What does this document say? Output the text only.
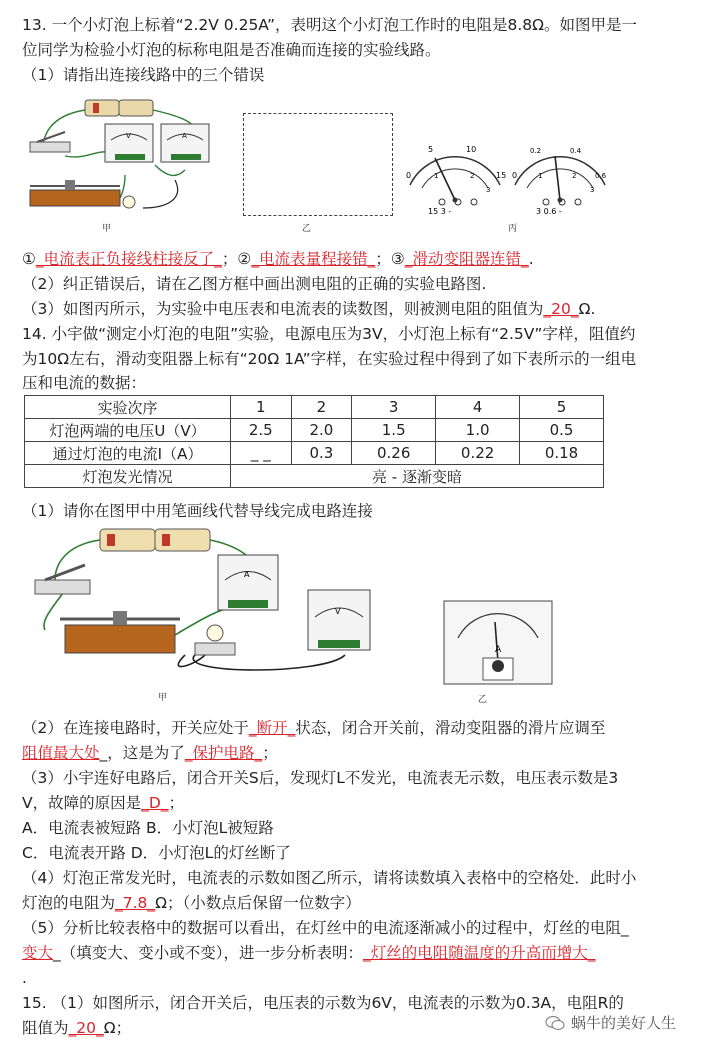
13. 一个小灯泡上标着“2.2V 0.25A”，表明这个小灯泡工作时的电阻是8.8Ω。如图甲是一
位同学为检验小灯泡的标称电阻是否准确而连接的实验线路。
（1）请指出连接线路中的三个错误
V	A
甲	乙
0
5	10
15
1	2
3
15 3 -
0
0.2	0.4
0.6
1	2
3
3 0.6 -
丙
①_电流表正负接线柱接反了_；②_电流表量程接错_；③_滑动变阻器连错_.
（2）纠正错误后，请在乙图方框中画出测电阻的正确的实验电路图.
（3）如图丙所示，为实验中电压表和电流表的读数图，则被测电阻的阻值为_20_Ω.
14. 小宇做“测定小灯泡的电阻”实验，电源电压为3V，小灯泡上标有“2.5V”字样，阻值约
为10Ω左右，滑动变阻器上标有“20Ω 1A”字样，在实验过程中得到了如下表所示的一组电
压和电流的数据：
实验次序	1	2	3	4	5
灯泡两端的电压U（V）	2.5	2.0	1.5	1.0	0.5
通过灯泡的电流I（A）	_ _	0.3	0.26	0.22	0.18
灯泡发光情况	亮 - 逐渐变暗				
（1）请你在图甲中用笔画线代替导线完成电路连接
A
V
甲
A
乙
（2）在连接电路时，开关应处于_断开_状态，闭合开关前，滑动变阻器的滑片应调至
阻值最大处_，这是为了_保护电路_；
（3）小宇连好电路后，闭合开关S后，发现灯L不发光，电流表无示数，电压表示数是3
V，故障的原因是_D_；
A．电流表被短路 B．小灯泡L被短路
C．电流表开路 D．小灯泡L的灯丝断了
（4）灯泡正常发光时，电流表的示数如图乙所示，请将读数填入表格中的空格处．此时小
灯泡的电阻为_7.8_Ω；（小数点后保留一位数字）
（5）分析比较表格中的数据可以看出，在灯丝中的电流逐渐减小的过程中，灯丝的电阻_
变大_（填变大、变小或不变），进一步分析表明：_灯丝的电阻随温度的升高而增大_
.
15. （1）如图所示，闭合开关后，电压表的示数为6V，电流表的示数为0.3A，电阻R的
阻值为_20_Ω；	蜗牛的美好人生
